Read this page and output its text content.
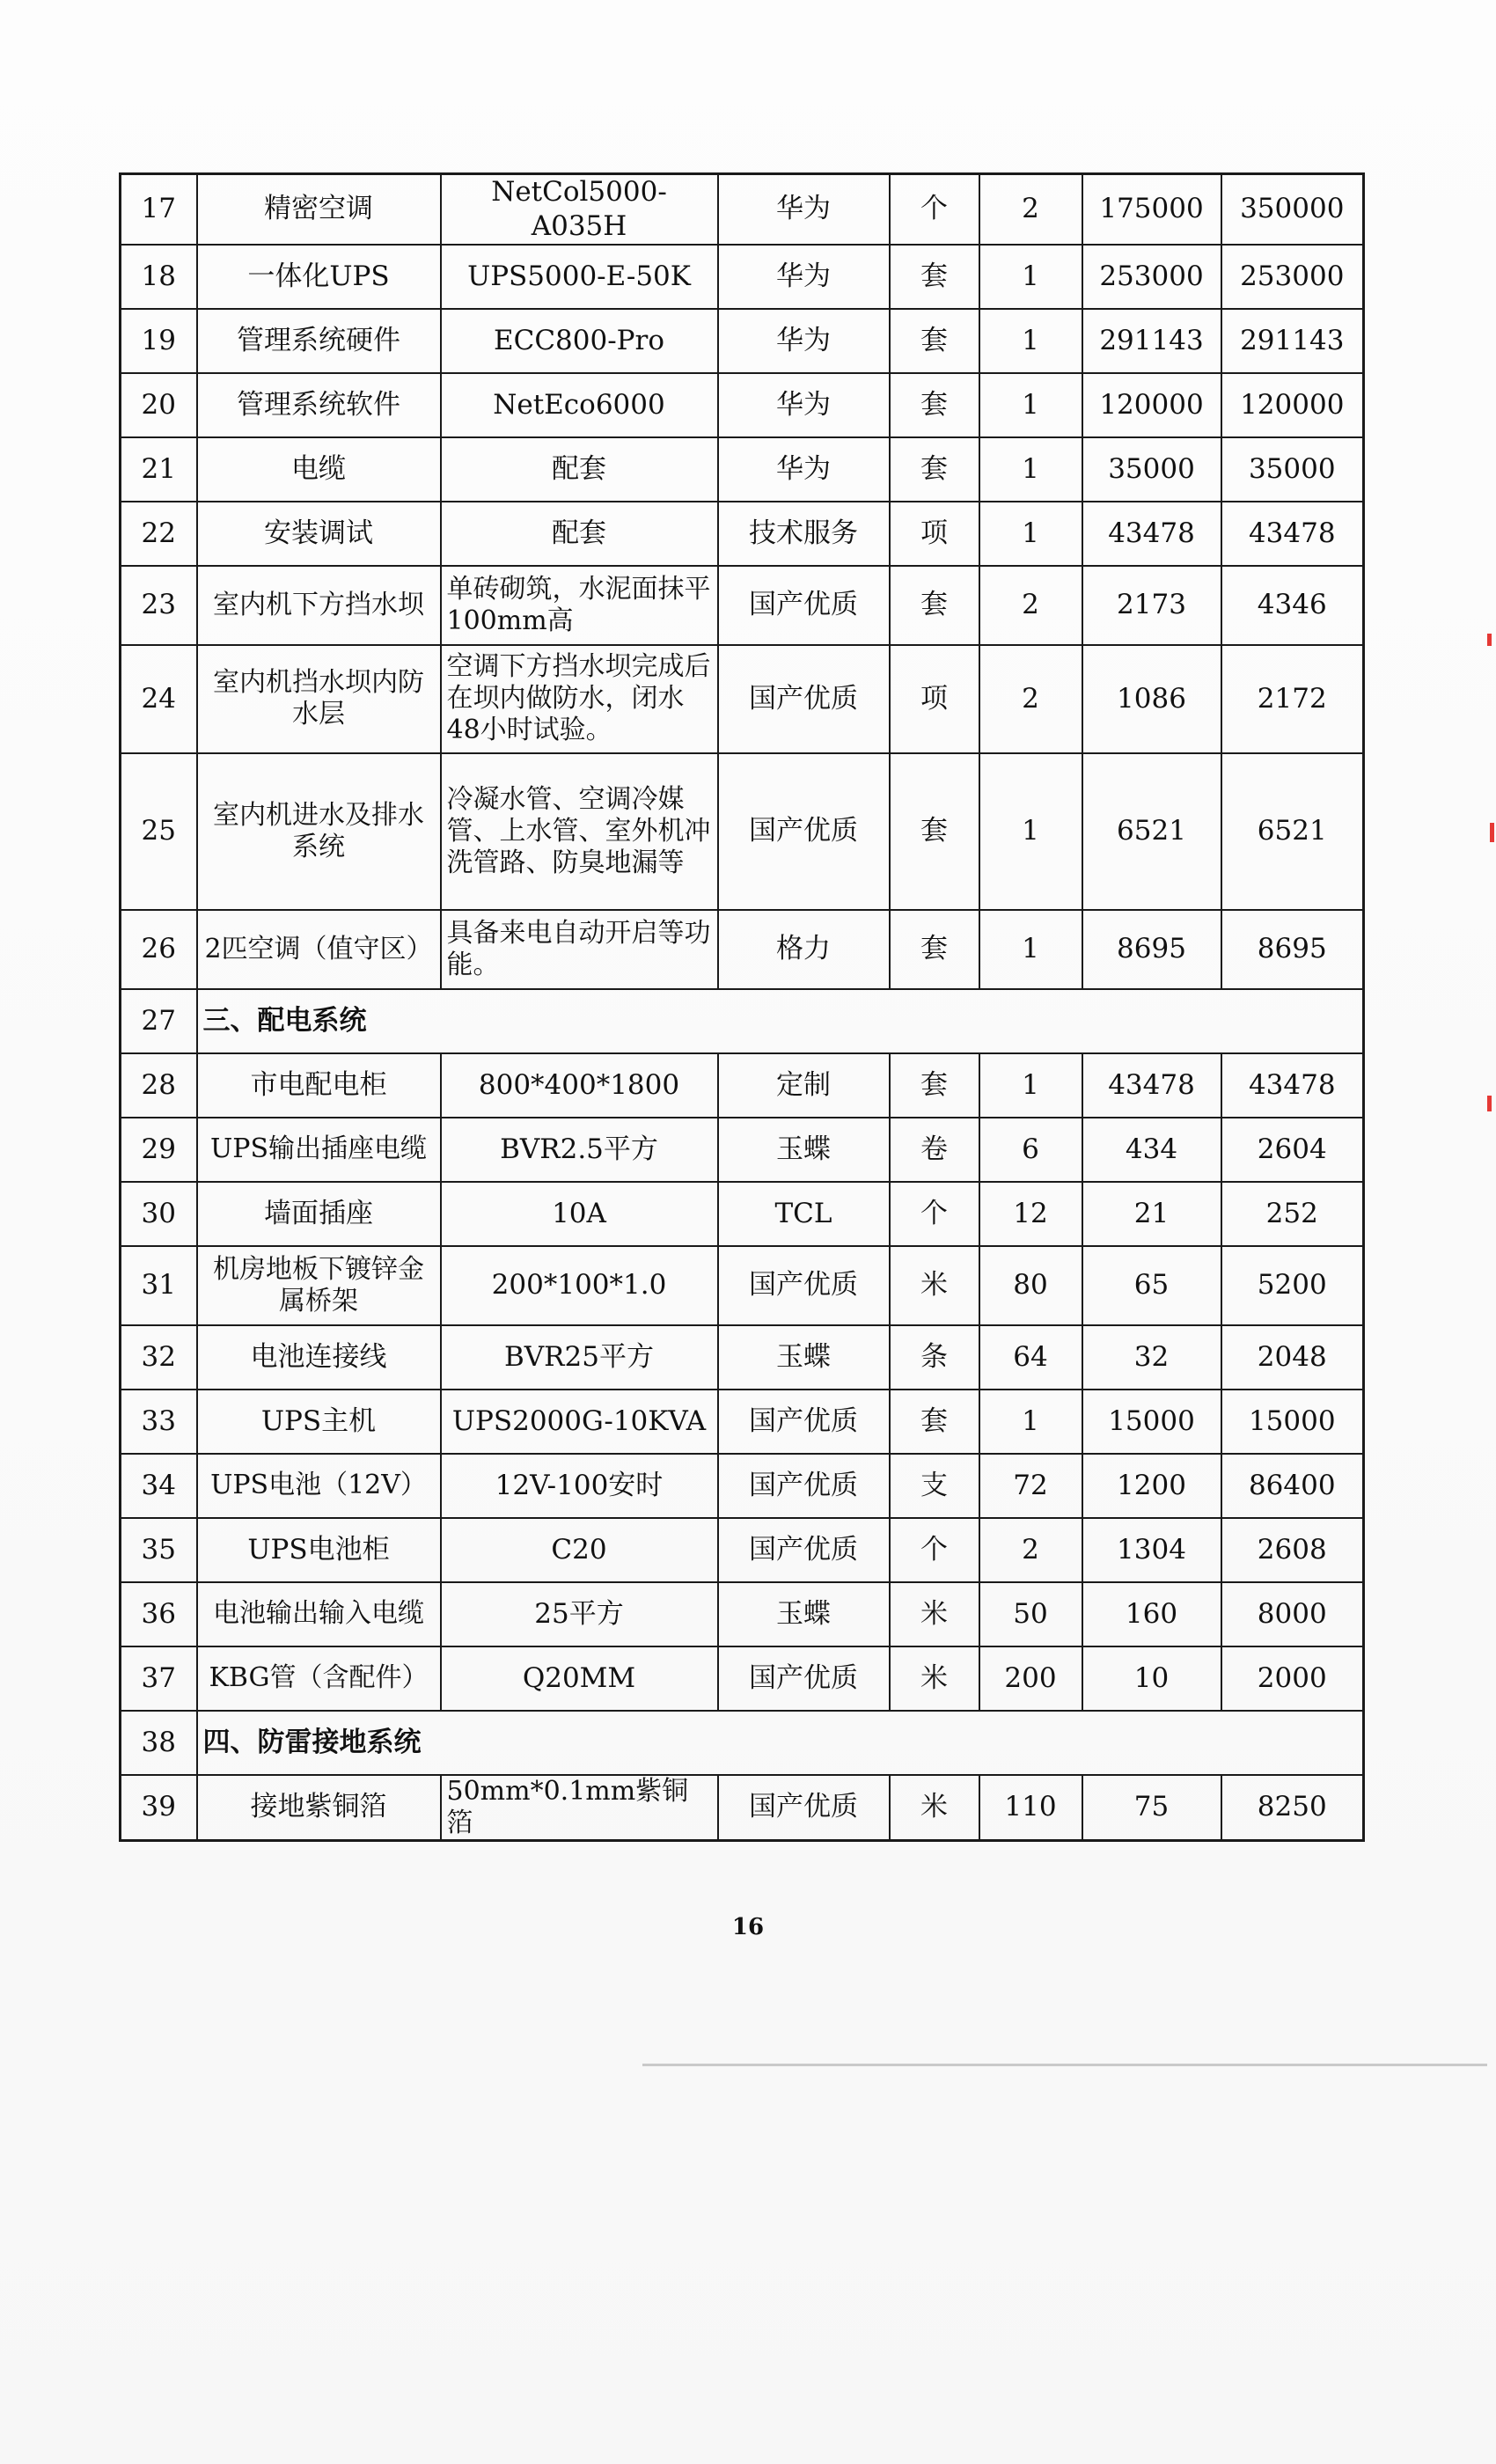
17	精密空调	NetCol5000-A035H	华为	个	2	175000	350000
18	一体化UPS	UPS5000-E-50K	华为	套	1	253000	253000
19	管理系统硬件	ECC800-Pro	华为	套	1	291143	291143
20	管理系统软件	NetEco6000	华为	套	1	120000	120000
21	电缆	配套	华为	套	1	35000	35000
22	安装调试	配套	技术服务	项	1	43478	43478
23	室内机下方挡水坝	单砖砌筑，水泥面抹平100mm高	国产优质	套	2	2173	4346
24	室内机挡水坝内防水层	空调下方挡水坝完成后在坝内做防水，闭水48小时试验。	国产优质	项	2	1086	2172
25	室内机进水及排水系统	冷凝水管、空调冷媒管、上水管、室外机冲洗管路、防臭地漏等	国产优质	套	1	6521	6521
26	2匹空调（值守区）	具备来电自动开启等功能。	格力	套	1	8695	8695
27	三、配电系统						
28	市电配电柜	800*400*1800	定制	套	1	43478	43478
29	UPS输出插座电缆	BVR2.5平方	玉蝶	卷	6	434	2604
30	墙面插座	10A	TCL	个	12	21	252
31	机房地板下镀锌金属桥架	200*100*1.0	国产优质	米	80	65	5200
32	电池连接线	BVR25平方	玉蝶	条	64	32	2048
33	UPS主机	UPS2000G-10KVA	国产优质	套	1	15000	15000
34	UPS电池（12V）	12V-100安时	国产优质	支	72	1200	86400
35	UPS电池柜	C20	国产优质	个	2	1304	2608
36	电池输出输入电缆	25平方	玉蝶	米	50	160	8000
37	KBG管（含配件）	Q20MM	国产优质	米	200	10	2000
38	四、防雷接地系统						
39	接地紫铜箔	50mm*0.1mm紫铜箔	国产优质	米	110	75	8250
16
